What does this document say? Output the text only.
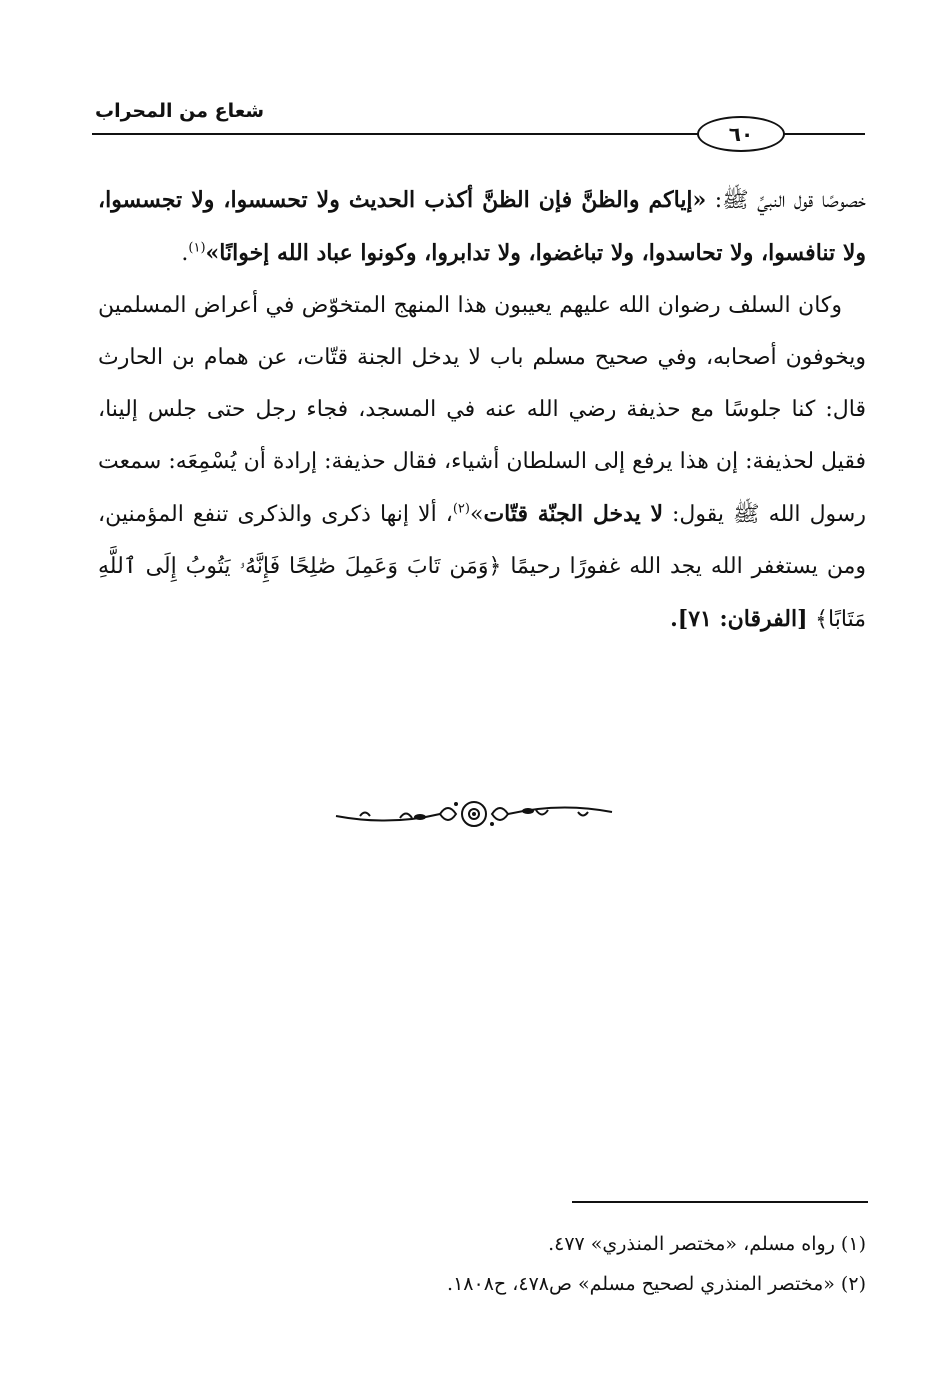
شعاع من المحراب
٦٠

خصوصًا قول النبيِّ ﷺ: «إياكم والظنَّ فإن الظنَّ أكذب الحديث ولا تحسسوا، ولا تجسسوا، ولا تنافسوا، ولا تحاسدوا، ولا تباغضوا، ولا تدابروا، وكونوا عباد الله إخوانًا»$^{(١)}$.

وكان السلف رضوان الله عليهم يعيبون هذا المنهج المتخوّض في أعراض المسلمين ويخوفون أصحابه، وفي صحيح مسلم باب لا يدخل الجنة قتّات، عن همام بن الحارث قال: كنا جلوسًا مع حذيفة رضي الله عنه في المسجد، فجاء رجل حتى جلس إلينا، فقيل لحذيفة: إن هذا يرفع إلى السلطان أشياء، فقال حذيفة: إرادة أن يُسْمِعَه: سمعت رسول الله ﷺ يقول: لا يدخل الجنّة قتّات»$^{(٢)}$، ألا إنها ذكرى والذكرى تنفع المؤمنين، ومن يستغفر الله يجد الله غفورًا رحيمًا ﴿وَمَن تَابَ وَعَمِلَ صَٰلِحًا فَإِنَّهُۥ يَتُوبُ إِلَى ٱللَّهِ مَتَابًا﴾ [الفرقان: ٧١].

(١) رواه مسلم، «مختصر المنذري» ٤٧٧.

(٢) «مختصر المنذري لصحيح مسلم» ص٤٧٨، ح١٨٠٨.
